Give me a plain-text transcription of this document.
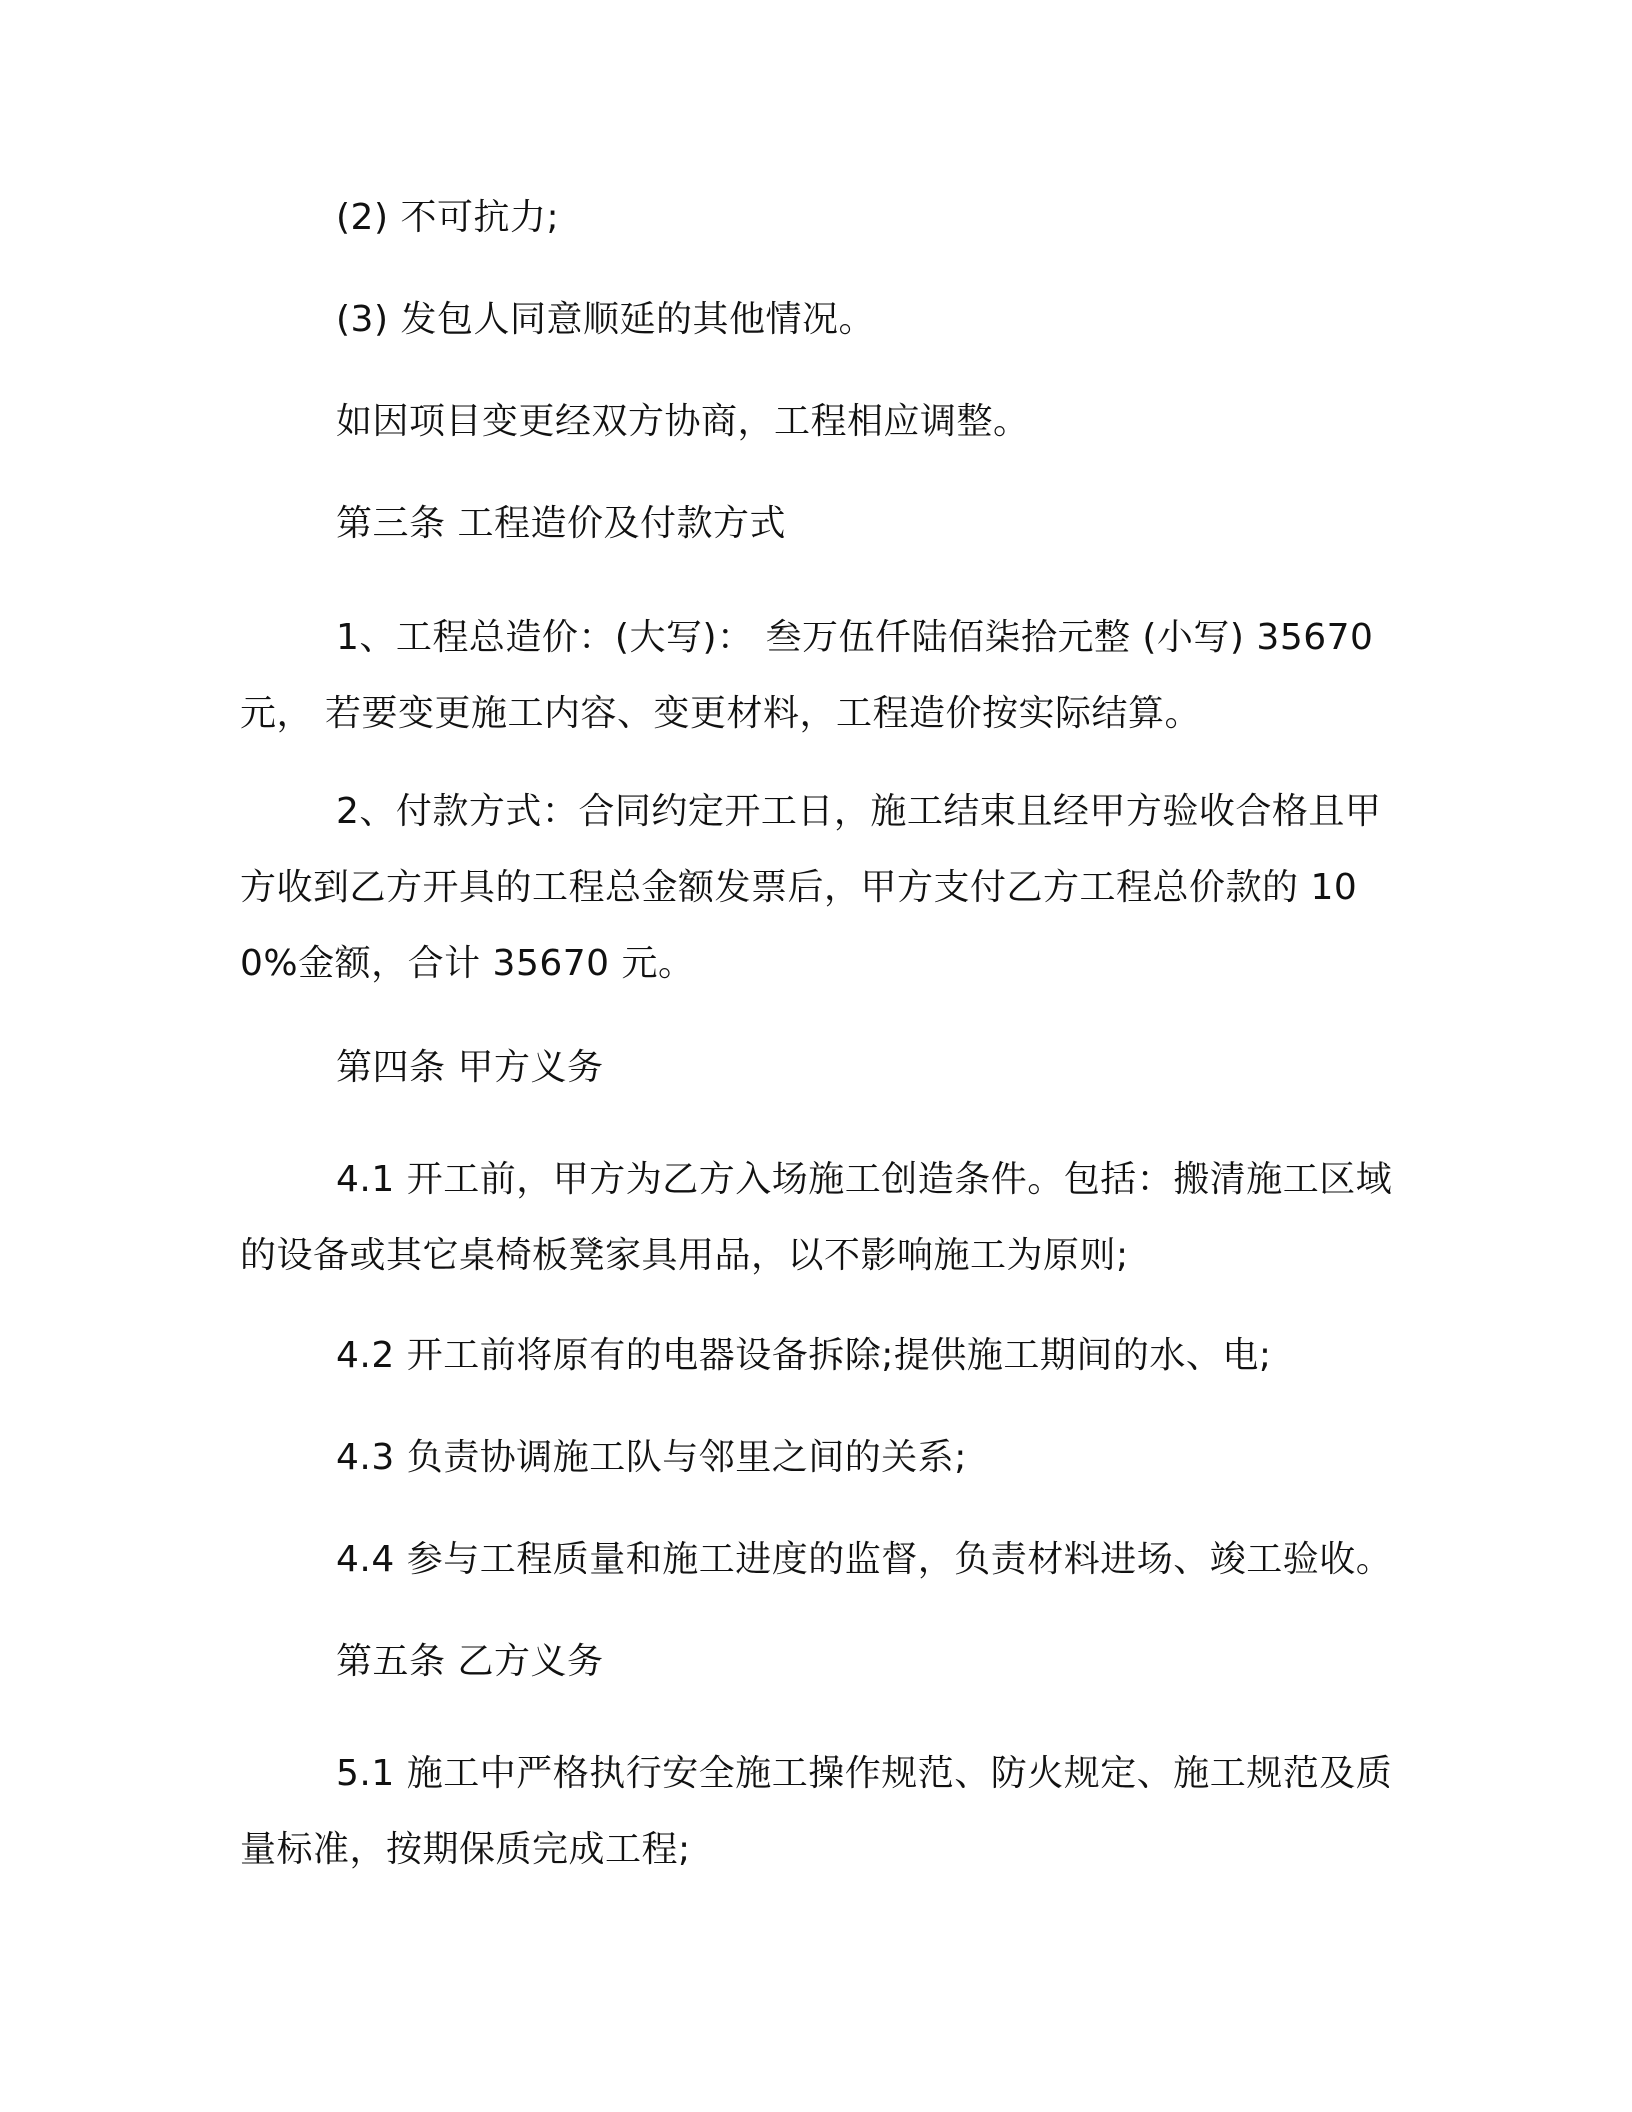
(2) 不可抗力;

(3) 发包人同意顺延的其他情况。

如因项目变更经双方协商，工程相应调整。

第三条 工程造价及付款方式

1、工程总造价：(大写)： 叁万伍仟陆佰柒拾元整 (小写) 35670 元， 若要变更施工内容、变更材料，工程造价按实际结算。

2、付款方式：合同约定开工日，施工结束且经甲方验收合格且甲方收到乙方开具的工程总金额发票后，甲方支付乙方工程总价款的 100%金额，合计 35670 元。

第四条 甲方义务

4.1 开工前，甲方为乙方入场施工创造条件。包括：搬清施工区域的设备或其它桌椅板凳家具用品，以不影响施工为原则;

4.2 开工前将原有的电器设备拆除;提供施工期间的水、电;

4.3 负责协调施工队与邻里之间的关系;

4.4 参与工程质量和施工进度的监督，负责材料进场、竣工验收。

第五条 乙方义务

5.1 施工中严格执行安全施工操作规范、防火规定、施工规范及质量标准，按期保质完成工程;
